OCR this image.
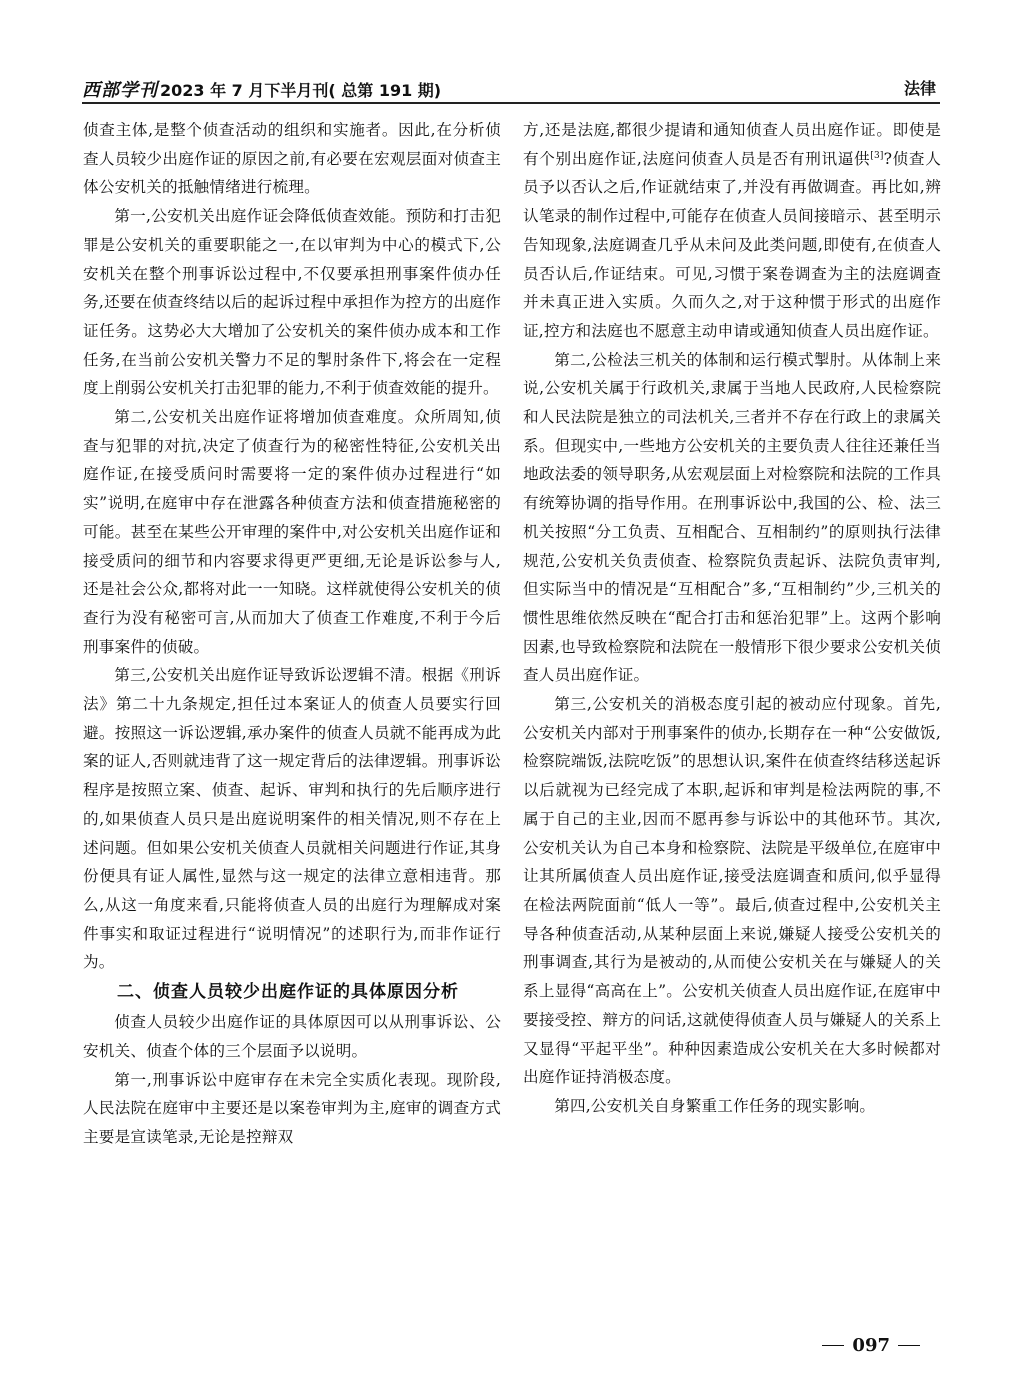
西部学刊 2023 年 7 月下半月刊( 总第 191 期)	法律

侦查主体,是整个侦查活动的组织和实施者。因此,在分析侦查人员较少出庭作证的原因之前,有必要在宏观层面对侦查主体公安机关的抵触情绪进行梳理。

第一,公安机关出庭作证会降低侦查效能。预防和打击犯罪是公安机关的重要职能之一,在以审判为中心的模式下,公安机关在整个刑事诉讼过程中,不仅要承担刑事案件侦办任务,还要在侦查终结以后的起诉过程中承担作为控方的出庭作证任务。这势必大大增加了公安机关的案件侦办成本和工作任务,在当前公安机关警力不足的掣肘条件下,将会在一定程度上削弱公安机关打击犯罪的能力,不利于侦查效能的提升。

第二,公安机关出庭作证将增加侦查难度。众所周知,侦查与犯罪的对抗,决定了侦查行为的秘密性特征,公安机关出庭作证,在接受质问时需要将一定的案件侦办过程进行“如实”说明,在庭审中存在泄露各种侦查方法和侦查措施秘密的可能。甚至在某些公开审理的案件中,对公安机关出庭作证和接受质问的细节和内容要求得更严更细,无论是诉讼参与人,还是社会公众,都将对此一一知晓。这样就使得公安机关的侦查行为没有秘密可言,从而加大了侦查工作难度,不利于今后刑事案件的侦破。

第三,公安机关出庭作证导致诉讼逻辑不清。根据《刑诉法》第二十九条规定,担任过本案证人的侦查人员要实行回避。按照这一诉讼逻辑,承办案件的侦查人员就不能再成为此案的证人,否则就违背了这一规定背后的法律逻辑。刑事诉讼程序是按照立案、侦查、起诉、审判和执行的先后顺序进行的,如果侦查人员只是出庭说明案件的相关情况,则不存在上述问题。但如果公安机关侦查人员就相关问题进行作证,其身份便具有证人属性,显然与这一规定的法律立意相违背。那么,从这一角度来看,只能将侦查人员的出庭行为理解成对案件事实和取证过程进行“说明情况”的述职行为,而非作证行为。

二、侦查人员较少出庭作证的具体原因分析

侦查人员较少出庭作证的具体原因可以从刑事诉讼、公安机关、侦查个体的三个层面予以说明。

第一,刑事诉讼中庭审存在未完全实质化表现。现阶段,人民法院在庭审中主要还是以案卷审判为主,庭审的调查方式主要是宣读笔录,无论是控辩双

方,还是法庭,都很少提请和通知侦查人员出庭作证。即使是有个别出庭作证,法庭问侦查人员是否有刑讯逼供[3]?侦查人员予以否认之后,作证就结束了,并没有再做调查。再比如,辨认笔录的制作过程中,可能存在侦查人员间接暗示、甚至明示告知现象,法庭调查几乎从未问及此类问题,即使有,在侦查人员否认后,作证结束。可见,习惯于案卷调查为主的法庭调查并未真正进入实质。久而久之,对于这种惯于形式的出庭作证,控方和法庭也不愿意主动申请或通知侦查人员出庭作证。

第二,公检法三机关的体制和运行模式掣肘。从体制上来说,公安机关属于行政机关,隶属于当地人民政府,人民检察院和人民法院是独立的司法机关,三者并不存在行政上的隶属关系。但现实中,一些地方公安机关的主要负责人往往还兼任当地政法委的领导职务,从宏观层面上对检察院和法院的工作具有统筹协调的指导作用。在刑事诉讼中,我国的公、检、法三机关按照“分工负责、互相配合、互相制约”的原则执行法律规范,公安机关负责侦查、检察院负责起诉、法院负责审判,但实际当中的情况是“互相配合”多,“互相制约”少,三机关的惯性思维依然反映在“配合打击和惩治犯罪”上。这两个影响因素,也导致检察院和法院在一般情形下很少要求公安机关侦查人员出庭作证。

第三,公安机关的消极态度引起的被动应付现象。首先,公安机关内部对于刑事案件的侦办,长期存在一种“公安做饭,检察院端饭,法院吃饭”的思想认识,案件在侦查终结移送起诉以后就视为已经完成了本职,起诉和审判是检法两院的事,不属于自己的主业,因而不愿再参与诉讼中的其他环节。其次,公安机关认为自己本身和检察院、法院是平级单位,在庭审中让其所属侦查人员出庭作证,接受法庭调查和质问,似乎显得在检法两院面前“低人一等”。最后,侦查过程中,公安机关主导各种侦查活动,从某种层面上来说,嫌疑人接受公安机关的刑事调查,其行为是被动的,从而使公安机关在与嫌疑人的关系上显得“高高在上”。公安机关侦查人员出庭作证,在庭审中要接受控、辩方的问话,这就使得侦查人员与嫌疑人的关系上又显得“平起平坐”。种种因素造成公安机关在大多时候都对出庭作证持消极态度。

第四,公安机关自身繁重工作任务的现实影响。

097
